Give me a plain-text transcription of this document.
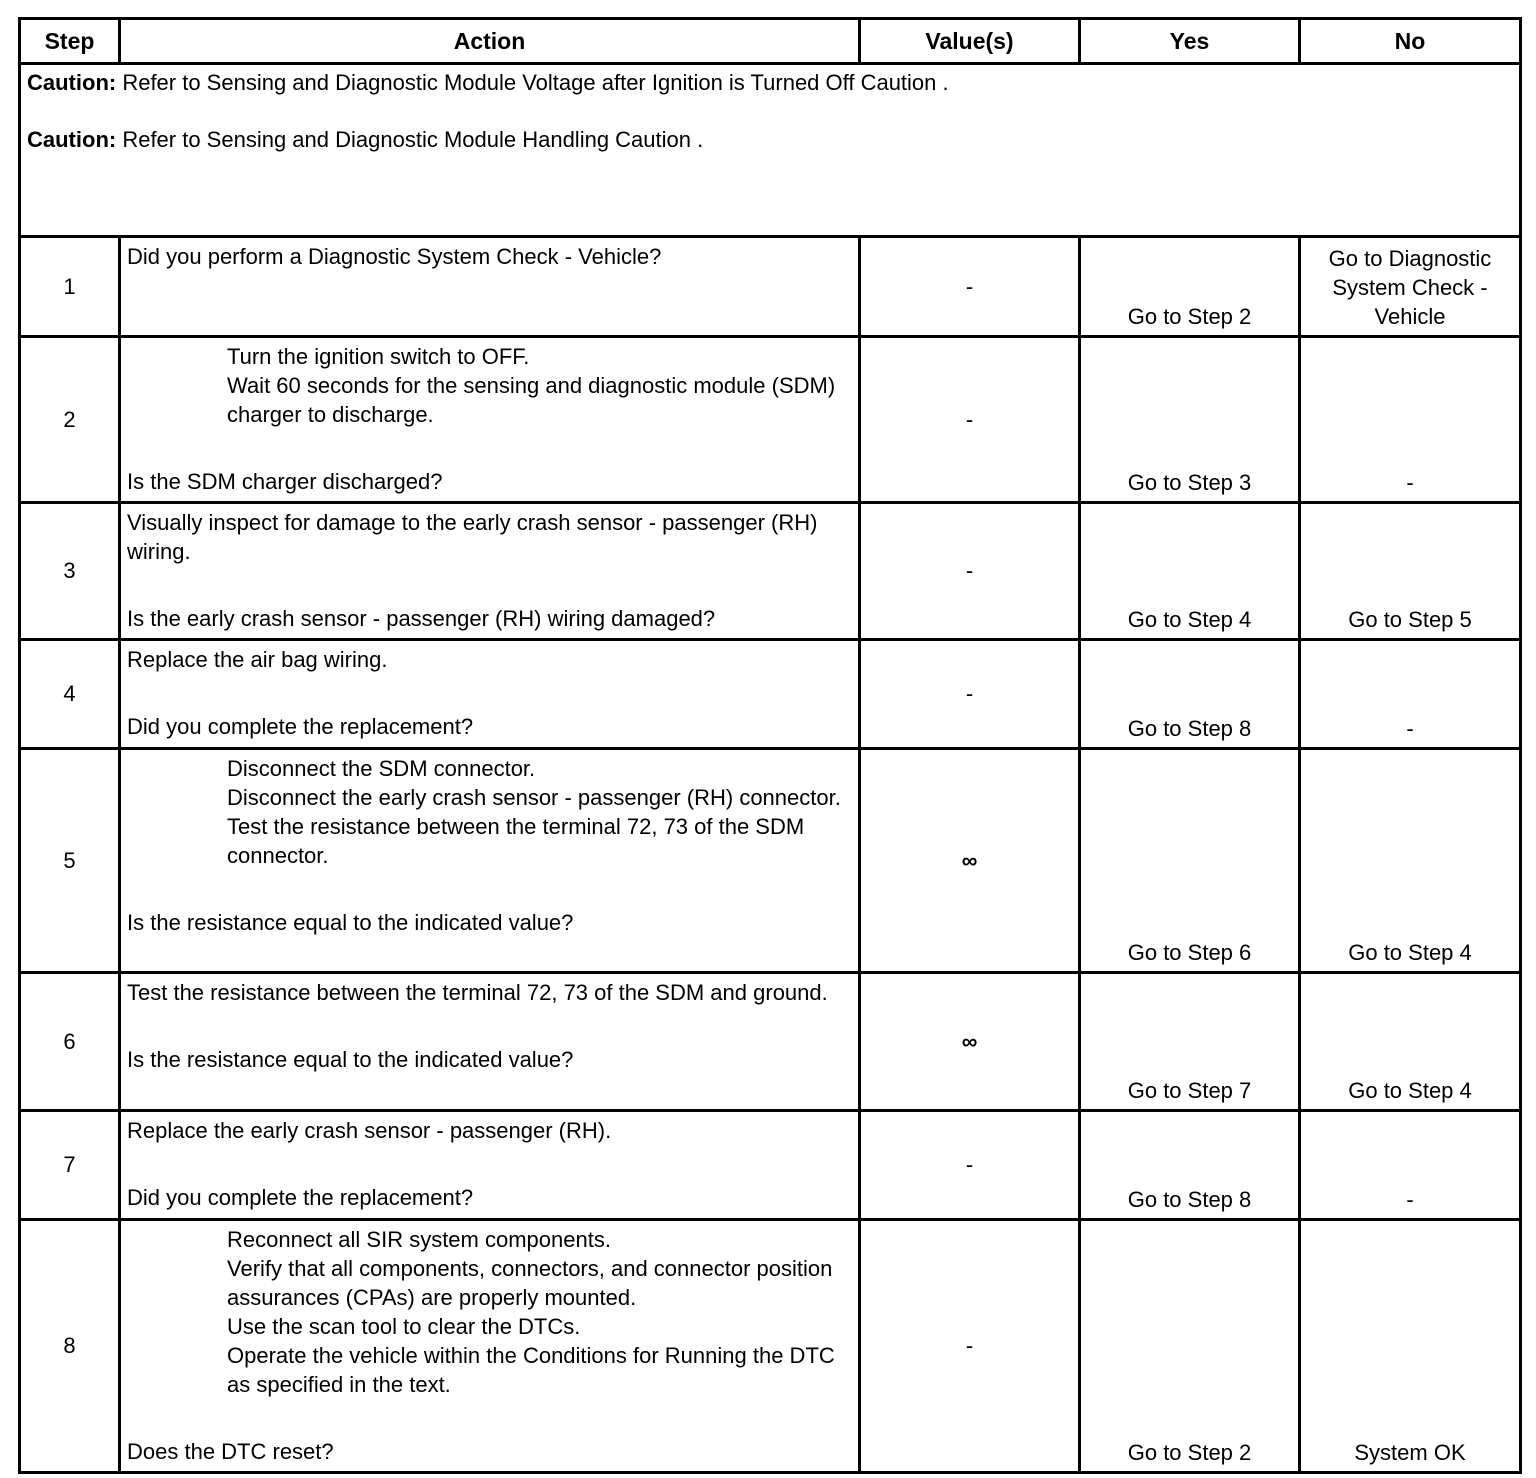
Step	Action	Value(s)	Yes	No

Caution: Refer to Sensing and Diagnostic Module Voltage after Ignition is Turned Off Caution .
Caution: Refer to Sensing and Diagnostic Module Handling Caution .				

1	Did you perform a Diagnostic System Check - Vehicle?	-	Go to Step 2	Go to Diagnostic System Check - Vehicle
2	Turn the ignition switch to OFF.
Wait 60 seconds for the sensing and diagnostic module (SDM) charger to discharge.
Is the SDM charger discharged?	-	Go to Step 3	-
3	Visually inspect for damage to the early crash sensor - passenger (RH) wiring.
Is the early crash sensor - passenger (RH) wiring damaged?	-	Go to Step 4	Go to Step 5
4	Replace the air bag wiring.
Did you complete the replacement?	-	Go to Step 8	-
5	Disconnect the SDM connector.
Disconnect the early crash sensor - passenger (RH) connector.
Test the resistance between the terminal 72, 73 of the SDM connector.
Is the resistance equal to the indicated value?	∞	Go to Step 6	Go to Step 4
6	Test the resistance between the terminal 72, 73 of the SDM and ground.
Is the resistance equal to the indicated value?	∞	Go to Step 7	Go to Step 4
7	Replace the early crash sensor - passenger (RH).
Did you complete the replacement?	-	Go to Step 8	-
8	Reconnect all SIR system components.
Verify that all components, connectors, and connector position assurances (CPAs) are properly mounted.
Use the scan tool to clear the DTCs.
Operate the vehicle within the Conditions for Running the DTC as specified in the text.
Does the DTC reset?	-	Go to Step 2	System OK
